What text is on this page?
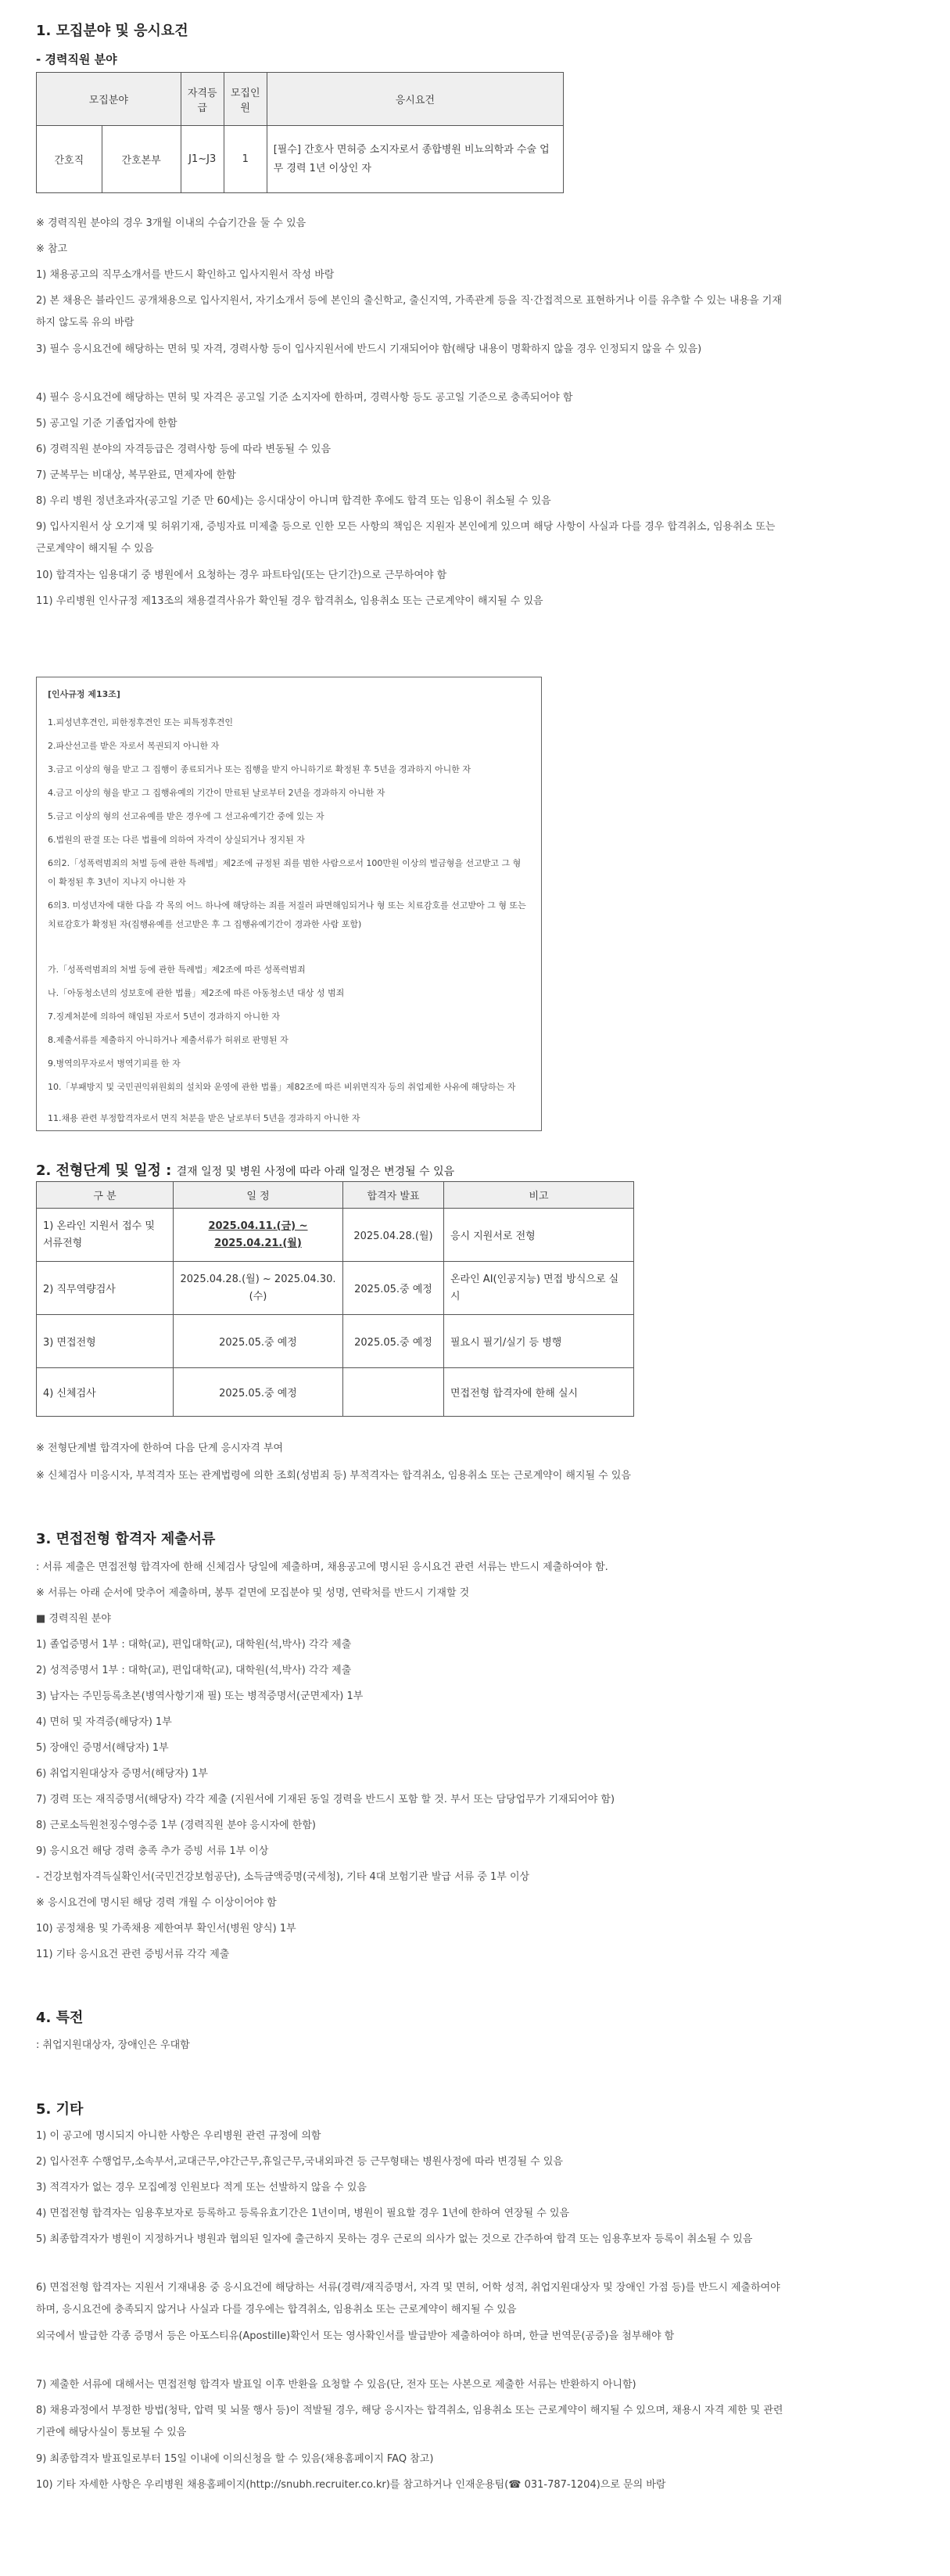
1. 모집분야 및 응시요건
- 경력직원 분야
모집분야		자격등급	모집인원	응시요건
간호직	간호본부	J1~J3	1	[필수] 간호사 면허증 소지자로서 종합병원 비뇨의학과 수술 업무 경력 1년 이상인 자
※ 경력직원 분야의 경우 3개월 이내의 수습기간을 둘 수 있음
※ 참고
1) 채용공고의 직무소개서를 반드시 확인하고 입사지원서 작성 바람
2) 본 채용은 블라인드 공개채용으로 입사지원서, 자기소개서 등에 본인의 출신학교, 출신지역, 가족관계 등을 직·간접적으로 표현하거나 이를 유추할 수 있는 내용을 기재하지 않도록 유의 바람
3) 필수 응시요건에 해당하는 면허 및 자격, 경력사항 등이 입사지원서에 반드시 기재되어야 함(해당 내용이 명확하지 않을 경우 인정되지 않을 수 있음)
4) 필수 응시요건에 해당하는 면허 및 자격은 공고일 기준 소지자에 한하며, 경력사항 등도 공고일 기준으로 충족되어야 함
5) 공고일 기준 기졸업자에 한함
6) 경력직원 분야의 자격등급은 경력사항 등에 따라 변동될 수 있음
7) 군복무는 비대상, 복무완료, 면제자에 한함
8) 우리 병원 정년초과자(공고일 기준 만 60세)는 응시대상이 아니며 합격한 후에도 합격 또는 임용이 취소될 수 있음
9) 입사지원서 상 오기재 및 허위기재, 증빙자료 미제출 등으로 인한 모든 사항의 책임은 지원자 본인에게 있으며 해당 사항이 사실과 다를 경우 합격취소, 임용취소 또는 근로계약이 해지될 수 있음
10) 합격자는 임용대기 중 병원에서 요청하는 경우 파트타임(또는 단기간)으로 근무하여야 함
11) 우리병원 인사규정 제13조의 채용결격사유가 확인될 경우 합격취소, 임용취소 또는 근로계약이 해지될 수 있음
[인사규정 제13조]
1.피성년후견인, 피한정후견인 또는 피특정후견인
2.파산선고를 받은 자로서 복권되지 아니한 자
3.금고 이상의 형을 받고 그 집행이 종료되거나 또는 집행을 받지 아니하기로 확정된 후 5년을 경과하지 아니한 자
4.금고 이상의 형을 받고 그 집행유예의 기간이 만료된 날로부터 2년을 경과하지 아니한 자
5.금고 이상의 형의 선고유예를 받은 경우에 그 선고유예기간 중에 있는 자
6.법원의 판결 또는 다른 법률에 의하여 자격이 상실되거나 정지된 자
6의2.「성폭력범죄의 처벌 등에 관한 특례법」제2조에 규정된 죄를 범한 사람으로서 100만원 이상의 벌금형을 선고받고 그 형이 확정된 후 3년이 지나지 아니한 자
6의3. 미성년자에 대한 다음 각 목의 어느 하나에 해당하는 죄를 저질러 파면해임되거나 형 또는 치료감호를 선고받아 그 형 또는 치료감호가 확정된 자(집행유예를 선고받은 후 그 집행유예기간이 경과한 사람 포함)
가.「성폭력범죄의 처벌 등에 관한 특례법」제2조에 따른 성폭력범죄
나.「아동청소년의 성보호에 관한 법률」제2조에 따른 아동청소년 대상 성 범죄
7.징계처분에 의하여 해임된 자로서 5년이 경과하지 아니한 자
8.제출서류를 제출하지 아니하거나 제출서류가 허위로 판명된 자
9.병역의무자로서 병역기피를 한 자
10.「부패방지 및 국민권익위원회의 설치와 운영에 관한 법률」제82조에 따른 비위면직자 등의 취업제한 사유에 해당하는 자
11.채용 관련 부정합격자로서 면직 처분을 받은 날로부터 5년을 경과하지 아니한 자
2. 전형단계 및 일정 : 결재 일정 및 병원 사정에 따라 아래 일정은 변경될 수 있음
구 분	일 정	합격자 발표	비고
1) 온라인 지원서 접수 및 서류전형	2025.04.11.(금) ~
2025.04.21.(월)	2025.04.28.(월)	응시 지원서로 전형
2) 직무역량검사	2025.04.28.(월) ~ 2025.04.30.
(수)	2025.05.중 예정	온라인 AI(인공지능) 면접 방식으로 실시
3) 면접전형	2025.05.중 예정	2025.05.중 예정	필요시 필기/실기 등 병행
4) 신체검사	2025.05.중 예정		면접전형 합격자에 한해 실시
※ 전형단계별 합격자에 한하여 다음 단계 응시자격 부여
※ 신체검사 미응시자, 부적격자 또는 관계법령에 의한 조회(성범죄 등) 부적격자는 합격취소, 임용취소 또는 근로계약이 해지될 수 있음
3. 면접전형 합격자 제출서류
: 서류 제출은 면접전형 합격자에 한해 신체검사 당일에 제출하며, 채용공고에 명시된 응시요건 관련 서류는 반드시 제출하여야 함.
※ 서류는 아래 순서에 맞추어 제출하며, 봉투 겉면에 모집분야 및 성명, 연락처를 반드시 기재할 것
■ 경력직원 분야
1) 졸업증명서 1부 : 대학(교), 편입대학(교), 대학원(석,박사) 각각 제출
2) 성적증명서 1부 : 대학(교), 편입대학(교), 대학원(석,박사) 각각 제출
3) 남자는 주민등록초본(병역사항기재 필) 또는 병적증명서(군면제자) 1부
4) 면허 및 자격증(해당자) 1부
5) 장애인 증명서(해당자) 1부
6) 취업지원대상자 증명서(해당자) 1부
7) 경력 또는 재직증명서(해당자) 각각 제출 (지원서에 기재된 동일 경력을 반드시 포함 할 것. 부서 또는 담당업무가 기재되어야 함)
8) 근로소득원천징수영수증 1부 (경력직원 분야 응시자에 한함)
9) 응시요건 해당 경력 충족 추가 증빙 서류 1부 이상
- 건강보험자격득실확인서(국민건강보험공단), 소득금액증명(국세청), 기타 4대 보험기관 발급 서류 중 1부 이상
※ 응시요건에 명시된 해당 경력 개월 수 이상이어야 함
10) 공정채용 및 가족채용 제한여부 확인서(병원 양식) 1부
11) 기타 응시요건 관련 증빙서류 각각 제출
4. 특전
: 취업지원대상자, 장애인은 우대함
5. 기타
1) 이 공고에 명시되지 아니한 사항은 우리병원 관련 규정에 의함
2) 입사전후 수행업무,소속부서,교대근무,야간근무,휴일근무,국내외파견 등 근무형태는 병원사정에 따라 변경될 수 있음
3) 적격자가 없는 경우 모집예정 인원보다 적게 또는 선발하지 않을 수 있음
4) 면접전형 합격자는 임용후보자로 등록하고 등록유효기간은 1년이며, 병원이 필요할 경우 1년에 한하여 연장될 수 있음
5) 최종합격자가 병원이 지정하거나 병원과 협의된 일자에 출근하지 못하는 경우 근로의 의사가 없는 것으로 간주하여 합격 또는 임용후보자 등록이 취소될 수 있음
6) 면접전형 합격자는 지원서 기재내용 중 응시요건에 해당하는 서류(경력/재직증명서, 자격 및 면허, 어학 성적, 취업지원대상자 및 장애인 가점 등)를 반드시 제출하여야 하며, 응시요건에 충족되지 않거나 사실과 다를 경우에는 합격취소, 임용취소 또는 근로계약이 해지될 수 있음
외국에서 발급한 각종 증명서 등은 아포스티유(Apostille)확인서 또는 영사확인서를 발급받아 제출하여야 하며, 한글 번역문(공증)을 첨부해야 함
7) 제출한 서류에 대해서는 면접전형 합격자 발표일 이후 반환을 요청할 수 있음(단, 전자 또는 사본으로 제출한 서류는 반환하지 아니함)
8) 채용과정에서 부정한 방법(청탁, 압력 및 뇌물 행사 등)이 적발될 경우, 해당 응시자는 합격취소, 임용취소 또는 근로계약이 해지될 수 있으며, 채용시 자격 제한 및 관련기관에 해당사실이 통보될 수 있음
9) 최종합격자 발표일로부터 15일 이내에 이의신청을 할 수 있음(채용홈페이지 FAQ 참고)
10) 기타 자세한 사항은 우리병원 채용홈페이지(http://snubh.recruiter.co.kr)를 참고하거나 인재운용팀(☎ 031-787-1204)으로 문의 바람
